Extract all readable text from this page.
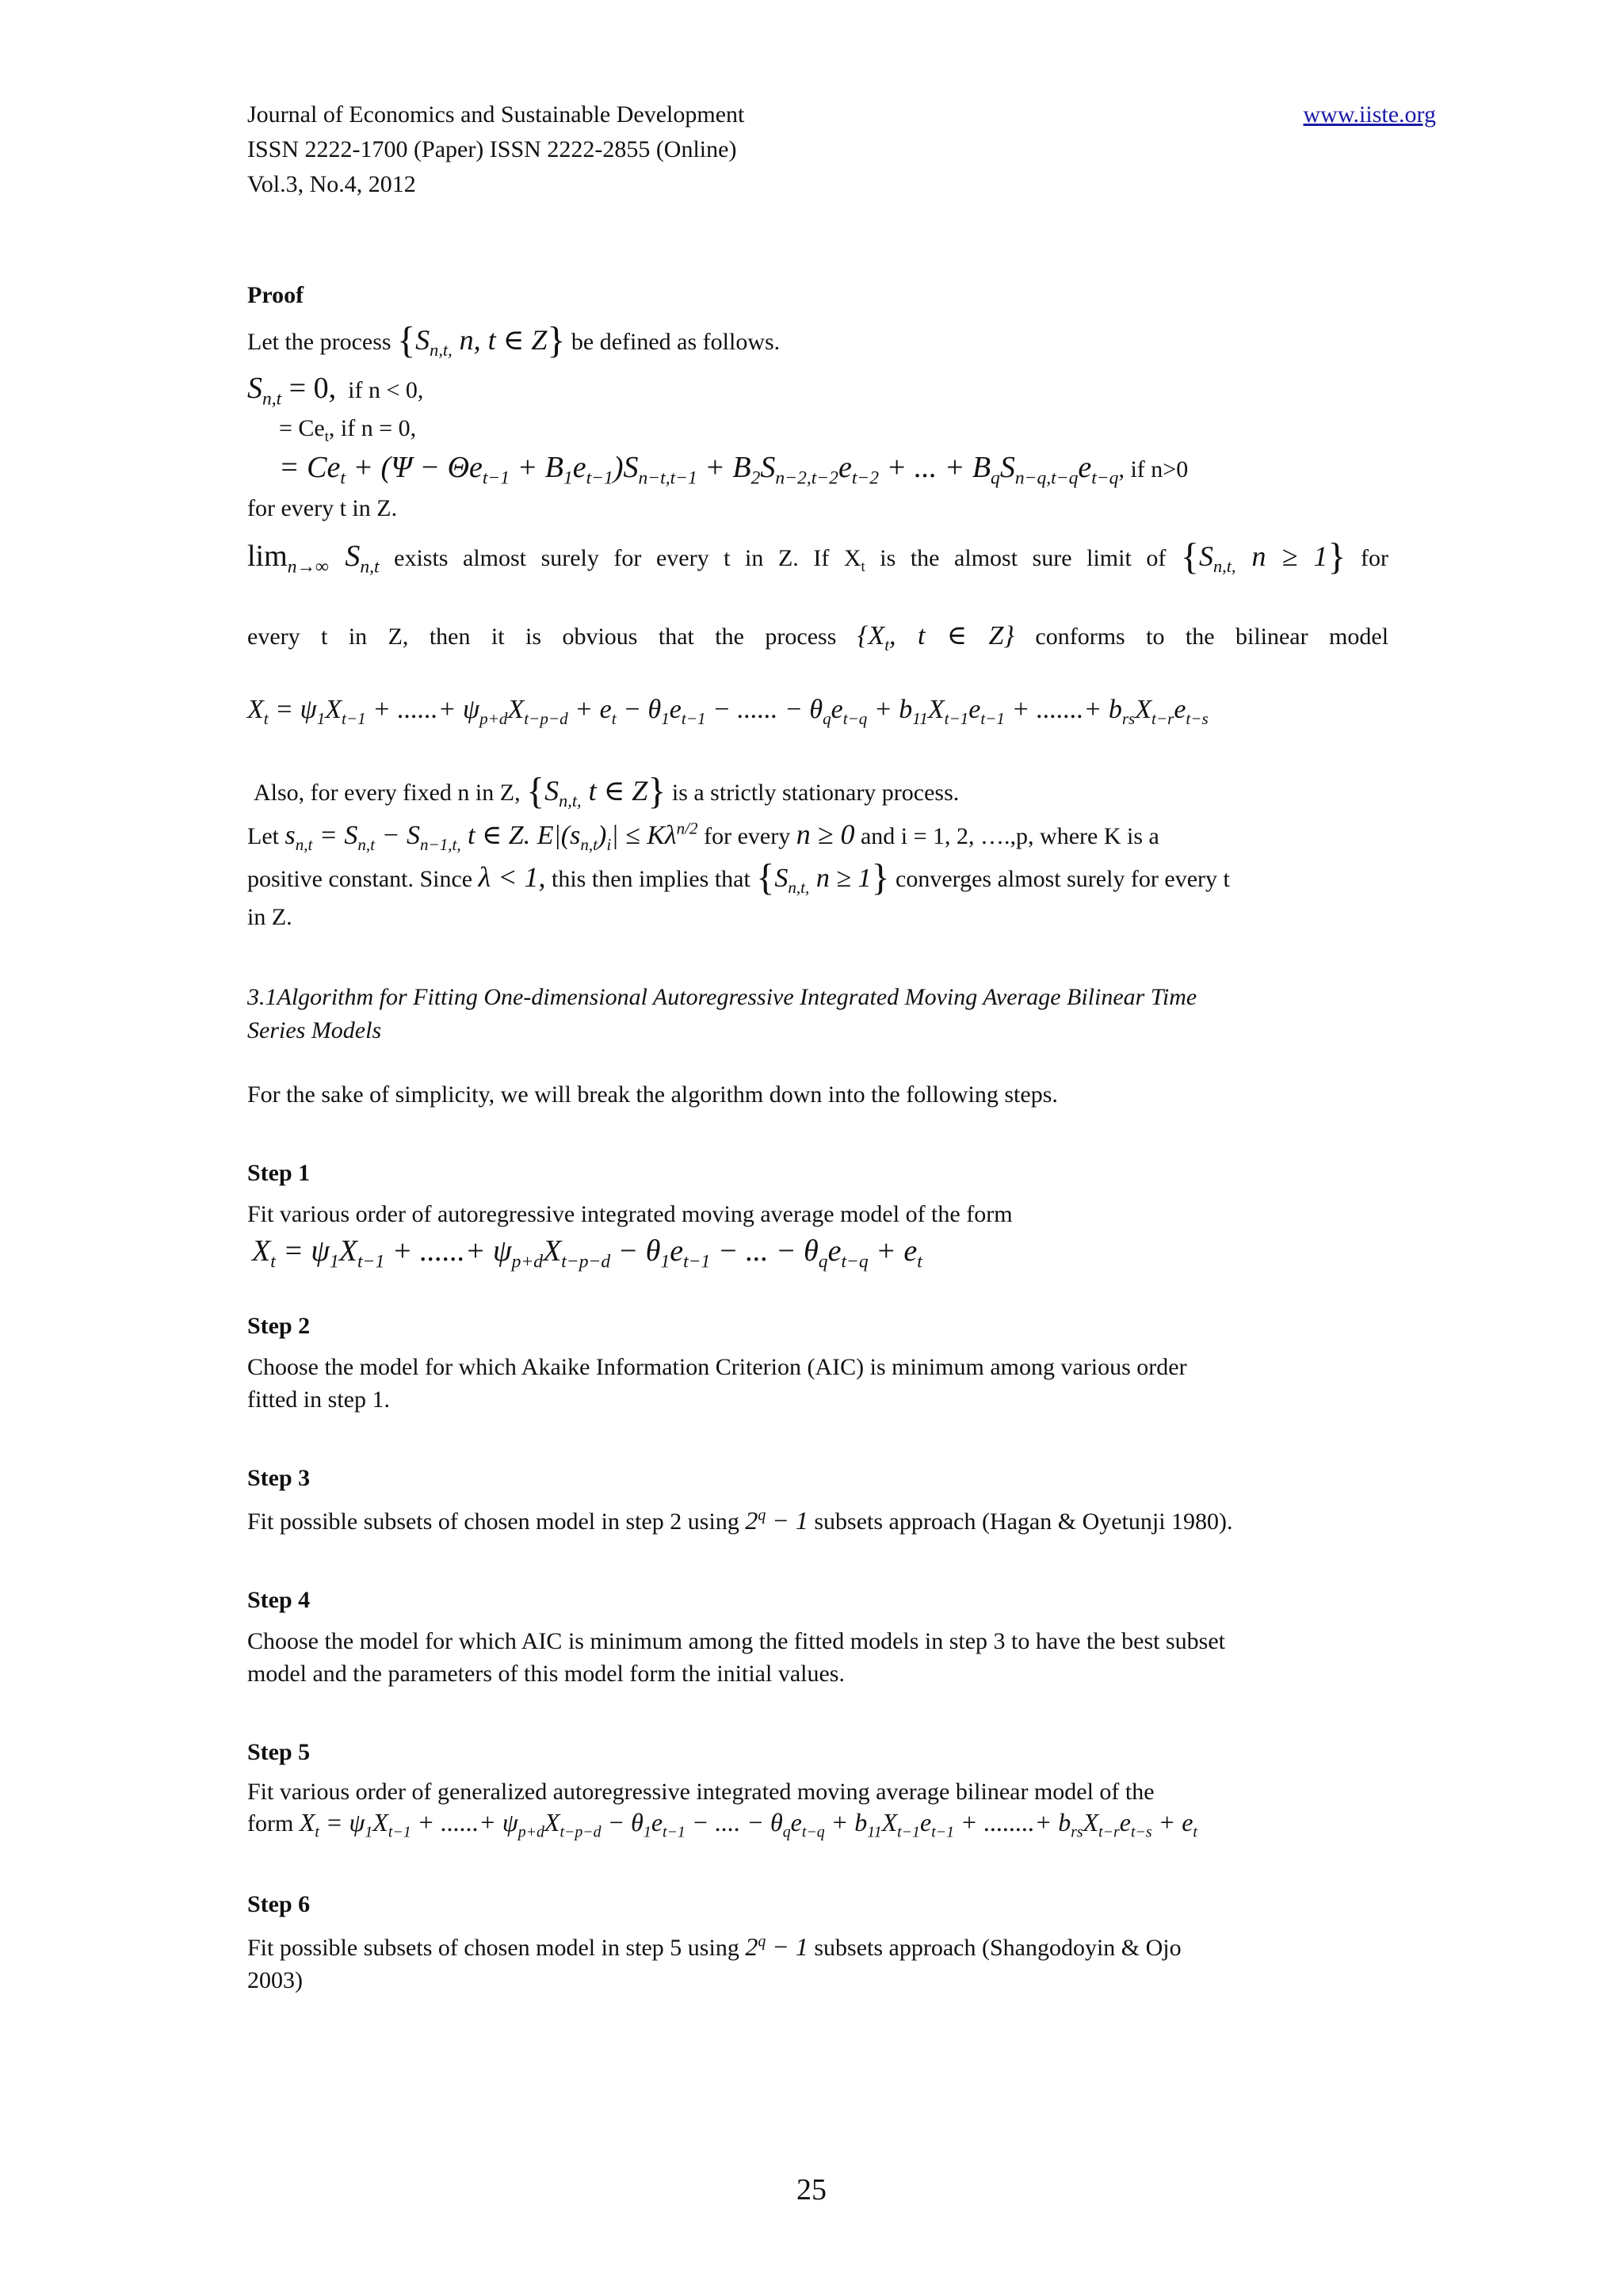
Journal of Economics and Sustainable Development
ISSN 2222-1700 (Paper) ISSN 2222-2855 (Online)
Vol.3, No.4, 2012
www.iiste.org

Proof

Let the process {$S_{n,t,}$ n, t ∈ Z} be defined as follows.

$S_{n,t} = 0$, if n < 0,

= $Ce_t$, if n = 0,

= $Ce_t + (\Psi - \Theta e_{t-1} + B_1e_{t-1})S_{n-t,t-1} + B_2S_{n-2,t-2}e_{t-2}$ + ... + $B_qS_{n-q,t-q}e_{t-q}$, if n>0

for every t in Z.

$\lim_{n\to\infty} S_{n,t}$ exists almost surely for every t in Z. If $X_t$ is the almost sure limit of {$S_{n,t,}$ n ≥ 1} for

every t in Z, then it is obvious that the process {$X_t$, t ∈ Z} conforms to the bilinear model

$X_t = \psi_1X_{t-1}$ + ......+ $\psi_{p+d}X_{t-p-d} + e_t - \theta_1e_{t-1}$ − ...... − $\theta_qe_{t-q} + b_{11}X_{t-1}e_{t-1}$ + .......+ $b_{rs}X_{t-r}e_{t-s}$

Also, for every fixed n in Z, {$S_{n,t,}$ t ∈ Z} is a strictly stationary process.

Let $s_{n,t} = S_{n,t} - S_{n-1,t,}$ t ∈ Z. $E|(s_{n,t})_i| \le K\lambda^{n/2}$ for every n ≥ 0 and i = 1, 2, ….,p, where K is a

positive constant. Since λ < 1, this then implies that {$S_{n,t,}$ n ≥ 1} converges almost surely for every t

in Z.

3.1Algorithm for Fitting One-dimensional Autoregressive Integrated Moving Average Bilinear Time
Series Models

For the sake of simplicity, we will break the algorithm down into the following steps.

Step 1

Fit various order of autoregressive integrated moving average model of the form

$X_t = \psi_1X_{t-1}$ + ......+ $\psi_{p+d}X_{t-p-d} - \theta_1e_{t-1}$ − ... − $\theta_qe_{t-q} + e_t$

Step 2

Choose the model for which Akaike Information Criterion (AIC) is minimum among various order
fitted in step 1.

Step 3

Fit possible subsets of chosen model in step 2 using $2^q - 1$ subsets approach (Hagan & Oyetunji 1980).

Step 4

Choose the model for which AIC is minimum among the fitted models in step 3 to have the best subset
model and the parameters of this model form the initial values.

Step 5

Fit various order of generalized autoregressive integrated moving average bilinear model of the
form $X_t = \psi_1X_{t-1}$ + ......+ $\psi_{p+d}X_{t-p-d} - \theta_1e_{t-1}$ − .... − $\theta_qe_{t-q} + b_{11}X_{t-1}e_{t-1}$ + ........+ $b_{rs}X_{t-r}e_{t-s} + e_t$

Step 6

Fit possible subsets of chosen model in step 5 using $2^q - 1$ subsets approach (Shangodoyin & Ojo
2003)

25
